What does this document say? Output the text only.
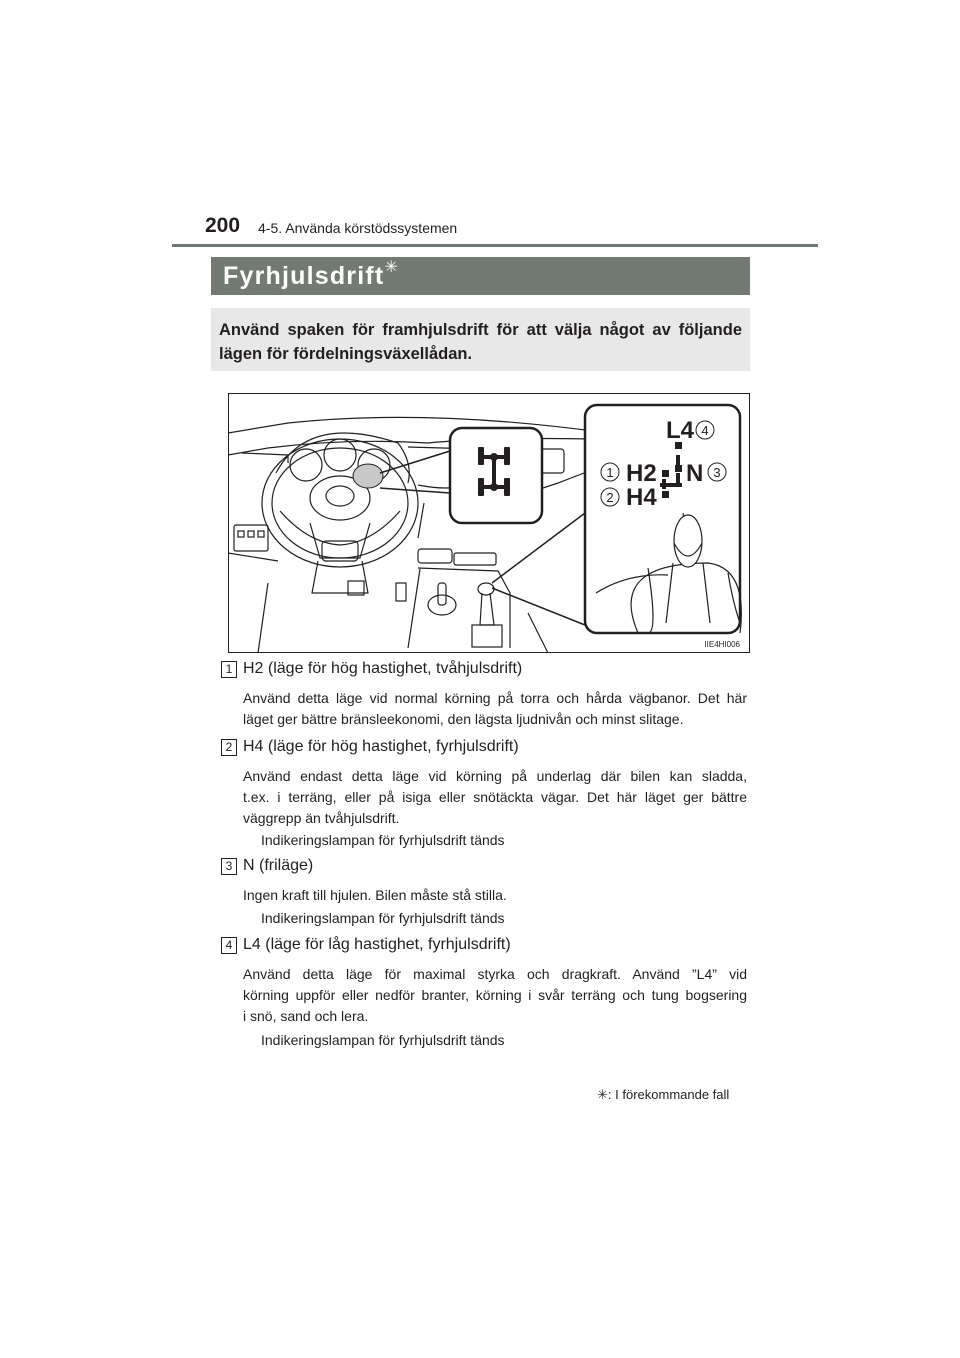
200 4-5. Använda körstödssystemen
Fyrhjulsdrift✳
Använd spaken för framhjulsdrift för att välja något av följande lägen för fördelningsväxellådan.
L4
H2
H4
N
4
1
2
3
IIE4HI006
1 H2 (läge för hög hastighet, tvåhjulsdrift)
Använd detta läge vid normal körning på torra och hårda vägbanor. Det här
läget ger bättre bränsleekonomi, den lägsta ljudnivån och minst slitage.
2 H4 (läge för hög hastighet, fyrhjulsdrift)
Använd endast detta läge vid körning på underlag där bilen kan sladda,
t.ex. i terräng, eller på isiga eller snötäckta vägar. Det här läget ger bättre
väggrepp än tvåhjulsdrift.
Indikeringslampan för fyrhjulsdrift tänds
3 N (friläge)
Ingen kraft till hjulen. Bilen måste stå stilla.
Indikeringslampan för fyrhjulsdrift tänds
4 L4 (läge för låg hastighet, fyrhjulsdrift)
Använd detta läge för maximal styrka och dragkraft. Använd ”L4” vid
körning uppför eller nedför branter, körning i svår terräng och tung bogsering
i snö, sand och lera.
Indikeringslampan för fyrhjulsdrift tänds
✳: I förekommande fall
